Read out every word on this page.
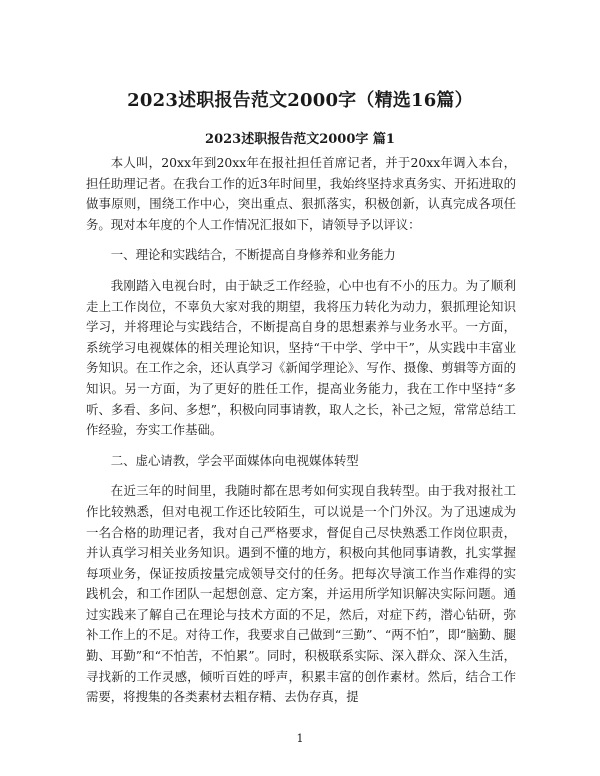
2023述职报告范文2000字（精选16篇）
2023述职报告范文2000字 篇1

本人叫，20xx年到20xx年在报社担任首席记者，并于20xx年调入本台，担任助理记者。在我台工作的近3年时间里，我始终坚持求真务实、开拓进取的做事原则，围绕工作中心，突出重点、狠抓落实，积极创新，认真完成各项任务。现对本年度的个人工作情况汇报如下，请领导予以评议：

一、理论和实践结合，不断提高自身修养和业务能力

我刚踏入电视台时，由于缺乏工作经验，心中也有不小的压力。为了顺利走上工作岗位，不辜负大家对我的期望，我将压力转化为动力，狠抓理论知识学习，并将理论与实践结合，不断提高自身的思想素养与业务水平。一方面，系统学习电视媒体的相关理论知识，坚持“干中学、学中干”，从实践中丰富业务知识。在工作之余，还认真学习《新闻学理论》、写作、摄像、剪辑等方面的知识。另一方面，为了更好的胜任工作，提高业务能力，我在工作中坚持“多听、多看、多问、多想”，积极向同事请教，取人之长，补己之短，常常总结工作经验，夯实工作基础。

二、虚心请教，学会平面媒体向电视媒体转型

在近三年的时间里，我随时都在思考如何实现自我转型。由于我对报社工作比较熟悉，但对电视工作还比较陌生，可以说是一个门外汉。为了迅速成为一名合格的助理记者，我对自己严格要求，督促自己尽快熟悉工作岗位职责，并认真学习相关业务知识。遇到不懂的地方，积极向其他同事请教，扎实掌握每项业务，保证按质按量完成领导交付的任务。把每次导演工作当作难得的实践机会，和工作团队一起想创意、定方案，并运用所学知识解决实际问题。通过实践来了解自己在理论与技术方面的不足，然后，对症下药，潜心钻研，弥补工作上的不足。对待工作，我要求自己做到“三勤”、“两不怕”，即“脑勤、腿勤、耳勤”和“不怕苦，不怕累”。同时，积极联系实际、深入群众、深入生活，寻找新的工作灵感，倾听百姓的呼声，积累丰富的创作素材。然后，结合工作需要，将搜集的各类素材去粗存精、去伪存真，提

1
